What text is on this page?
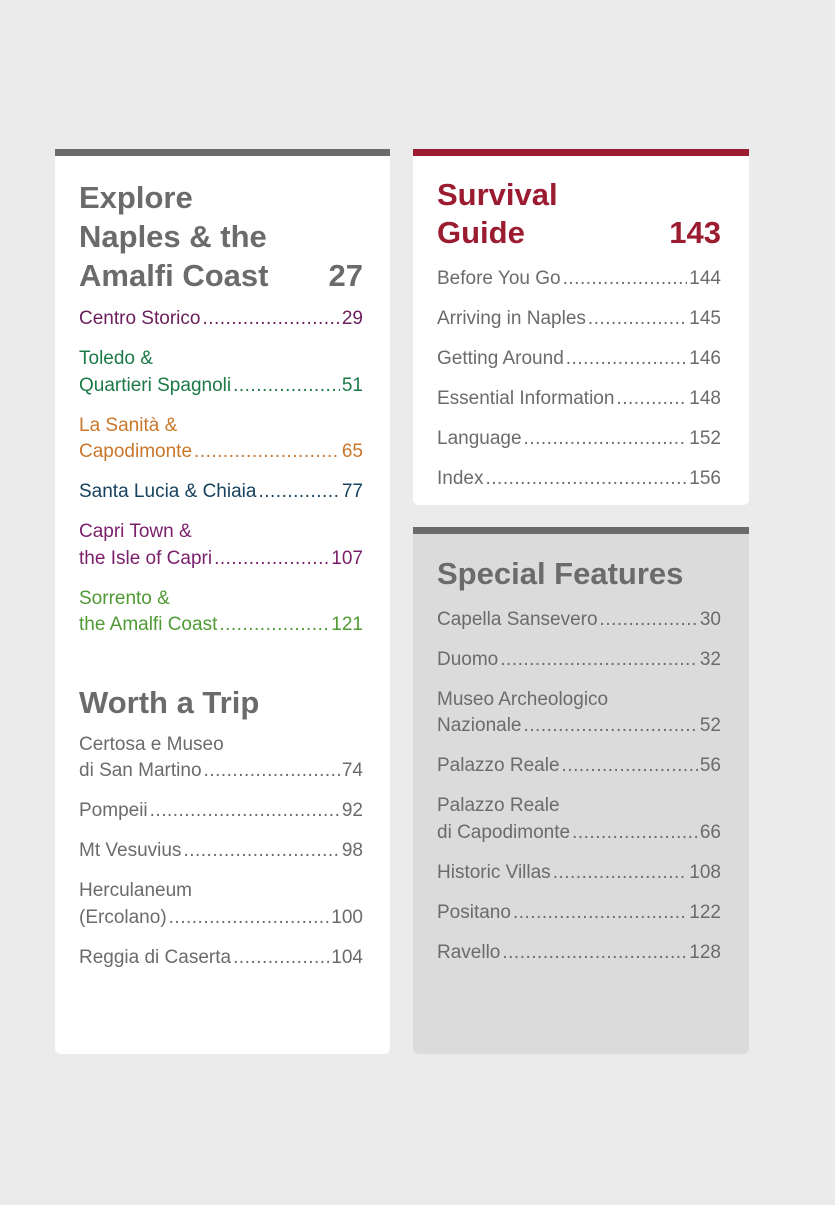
Explore
Naples & the
Amalfi Coast 27
Centro Storico .....	29
Toledo &
Quartieri Spagnoli .....	51
La Sanità &
Capodimonte .....	65
Santa Lucia & Chiaia .....	77
Capri Town &
the Isle of Capri .....	107
Sorrento &
the Amalfi Coast .....	121
Worth a Trip
Certosa e Museo
di San Martino .....	74
Pompeii .....	92
Mt Vesuvius .....	98
Herculaneum
(Ercolano) .....	100
Reggia di Caserta .....	104
Survival
Guide	143
Before You Go .....	144
Arriving in Naples .....	145
Getting Around .....	146
Essential Information .....	148
Language .....	152
Index .....	156
Special Features
Capella Sansevero .....	30
Duomo .....	32
Museo Archeologico
Nazionale .....	52
Palazzo Reale .....	56
Palazzo Reale
di Capodimonte .....	66
Historic Villas .....	108
Positano .....	122
Ravello .....	128
